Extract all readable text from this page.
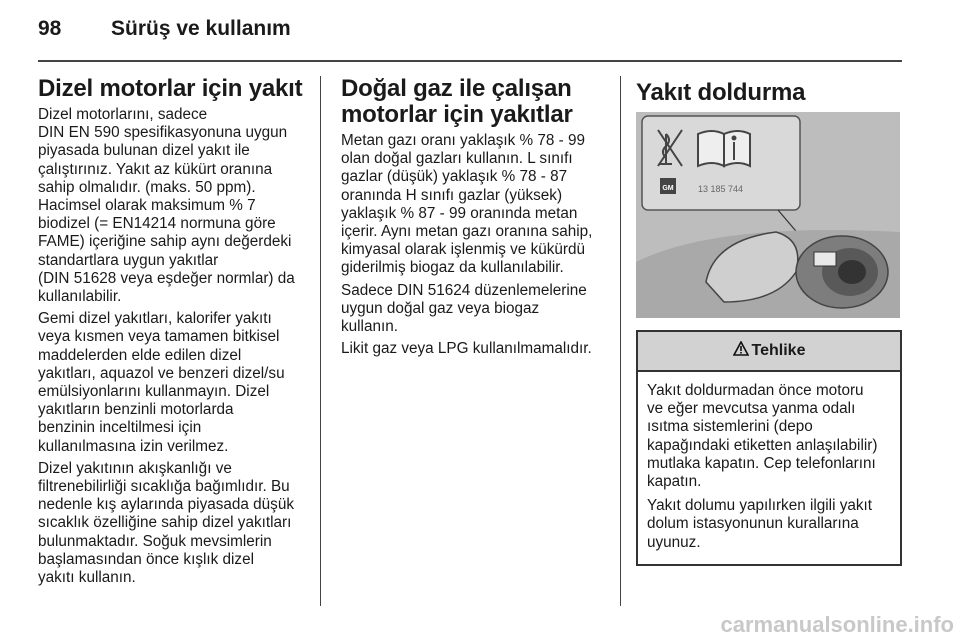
98 Sürüş ve kullanım
Dizel motorlar için yakıt

Dizel motorlarını, sadece
DIN EN 590 spesifikasyonuna uygun
piyasada bulunan dizel yakıt ile
çalıştırınız. Yakıt az kükürt oranına
sahip olmalıdır. (maks. 50 ppm).
Hacimsel olarak maksimum % 7
biodizel (= EN14214 normuna göre
FAME) içeriğine sahip aynı değerdeki
standartlara uygun yakıtlar
(DIN 51628 veya eşdeğer normlar) da
kullanılabilir.

Gemi dizel yakıtları, kalorifer yakıtı
veya kısmen veya tamamen bitkisel
maddelerden elde edilen dizel
yakıtları, aquazol ve benzeri dizel/su
emülsiyonlarını kullanmayın. Dizel
yakıtların benzinli motorlarda
benzinin inceltilmesi için
kullanılmasına izin verilmez.

Dizel yakıtının akışkanlığı ve
filtrenebilirliği sıcaklığa bağımlıdır. Bu
nedenle kış aylarında piyasada düşük
sıcaklık özelliğine sahip dizel yakıtları
bulunmaktadır. Soğuk mevsimlerin
başlamasından önce kışlık dizel
yakıtı kullanın.

Doğal gaz ile çalışan motorlar için yakıtlar

Metan gazı oranı yaklaşık % 78 - 99
olan doğal gazları kullanın. L sınıfı
gazlar (düşük) yaklaşık % 78 - 87
oranında H sınıfı gazlar (yüksek)
yaklaşık % 87 - 99 oranında metan
içerir. Aynı metan gazı oranına sahip,
kimyasal olarak işlenmiş ve kükürdü
giderilmiş biogaz da kullanılabilir.

Sadece DIN 51624 düzenlemelerine
uygun doğal gaz veya biogaz
kullanın.

Likit gaz veya LPG kullanılmamalıdır.

Yakıt doldurma
GM	13 185 744
Tehlike

Yakıt doldurmadan önce motoru
ve eğer mevcutsa yanma odalı
ısıtma sistemlerini (depo
kapağındaki etiketten anlaşılabilir)
mutlaka kapatın. Cep telefonlarını
kapatın.

Yakıt dolumu yapılırken ilgili yakıt
dolum istasyonunun kurallarına
uyunuz.

carmanualsonline.info
